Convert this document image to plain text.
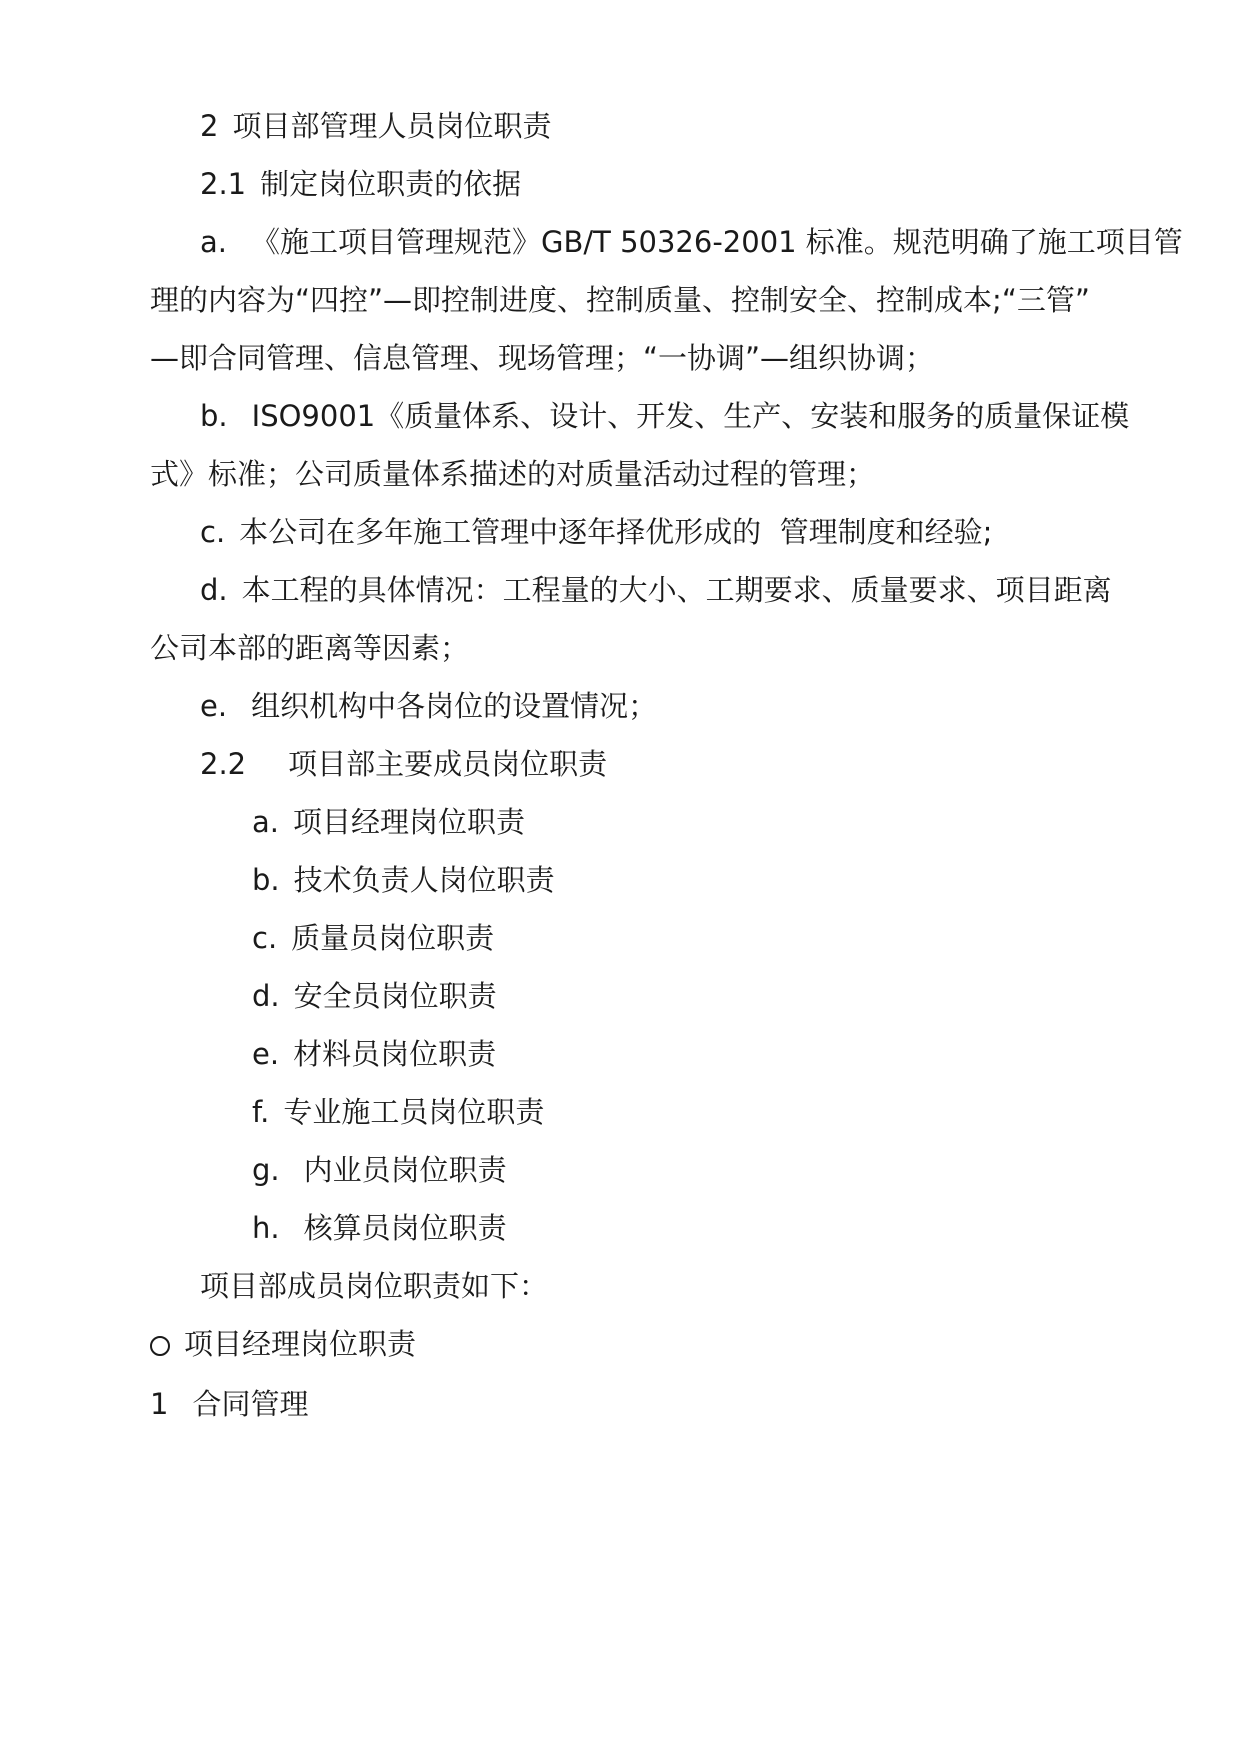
2 项目部管理人员岗位职责
2.1 制定岗位职责的依据
a. 《施工项目管理规范》GB/T 50326-2001 标准。规范明确了施工项目管
理的内容为“四控”—即控制进度、控制质量、控制安全、控制成本;“三管”
—即合同管理、信息管理、现场管理；“一协调”—组织协调；
b. ISO9001《质量体系、设计、开发、生产、安装和服务的质量保证模
式》标准；公司质量体系描述的对质量活动过程的管理；
c. 本公司在多年施工管理中逐年择优形成的  管理制度和经验;
d. 本工程的具体情况：工程量的大小、工期要求、质量要求、项目距离
公司本部的距离等因素；
e. 组织机构中各岗位的设置情况；
2.2 项目部主要成员岗位职责
a. 项目经理岗位职责
b. 技术负责人岗位职责
c. 质量员岗位职责
d. 安全员岗位职责
e. 材料员岗位职责
f. 专业施工员岗位职责
g. 内业员岗位职责
h. 核算员岗位职责
项目部成员岗位职责如下：
项目经理岗位职责
1 合同管理
